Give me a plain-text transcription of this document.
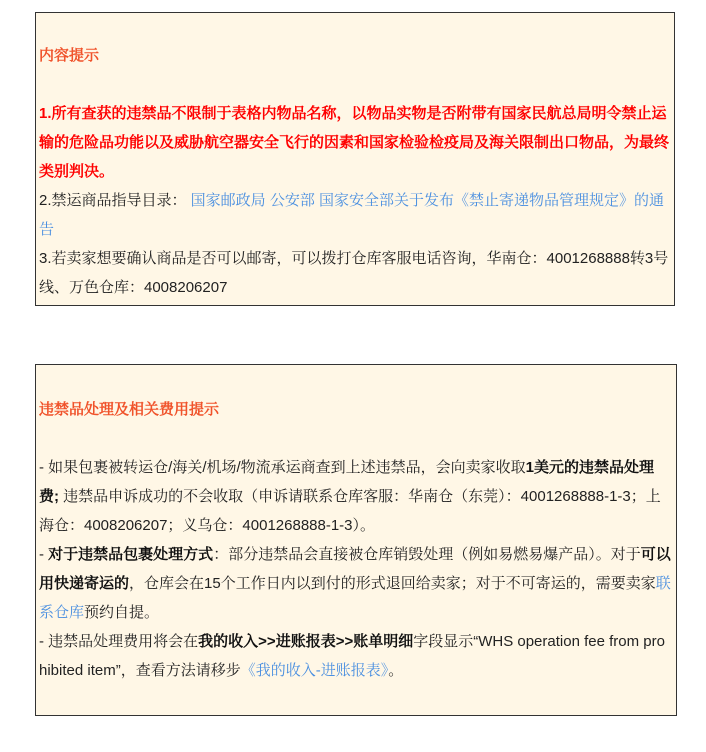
内容提示
1.所有查获的违禁品不限制于表格内物品名称，以物品实物是否附带有国家民航总局明令禁止运输的危险品功能以及威胁航空器安全飞行的因素和国家检验检疫局及海关限制出口物品，为最终类别判决。
2.禁运商品指导目录： 国家邮政局 公安部 国家安全部关于发布《禁止寄递物品管理规定》的通告
3.若卖家想要确认商品是否可以邮寄，可以拨打仓库客服电话咨询，华南仓：4001268888转3号线、万色仓库：4008206207
违禁品处理及相关费用提示
- 如果包裹被转运仓/海关/机场/物流承运商查到上述违禁品，会向卖家收取1美元的违禁品处理费; 违禁品申诉成功的不会收取（申诉请联系仓库客服：华南仓（东莞）：4001268888-1-3；上海仓：4008206207；义乌仓：4001268888-1-3）。
- 对于违禁品包裹处理方式：部分违禁品会直接被仓库销毁处理（例如易燃易爆产品）。对于可以用快递寄运的，仓库会在15个工作日内以到付的形式退回给卖家；对于不可寄运的，需要卖家联系仓库预约自提。
- 违禁品处理费用将会在我的收入>>进账报表>>账单明细字段显示“WHS operation fee from prohibited item”，查看方法请移步《我的收入-进账报表》。
